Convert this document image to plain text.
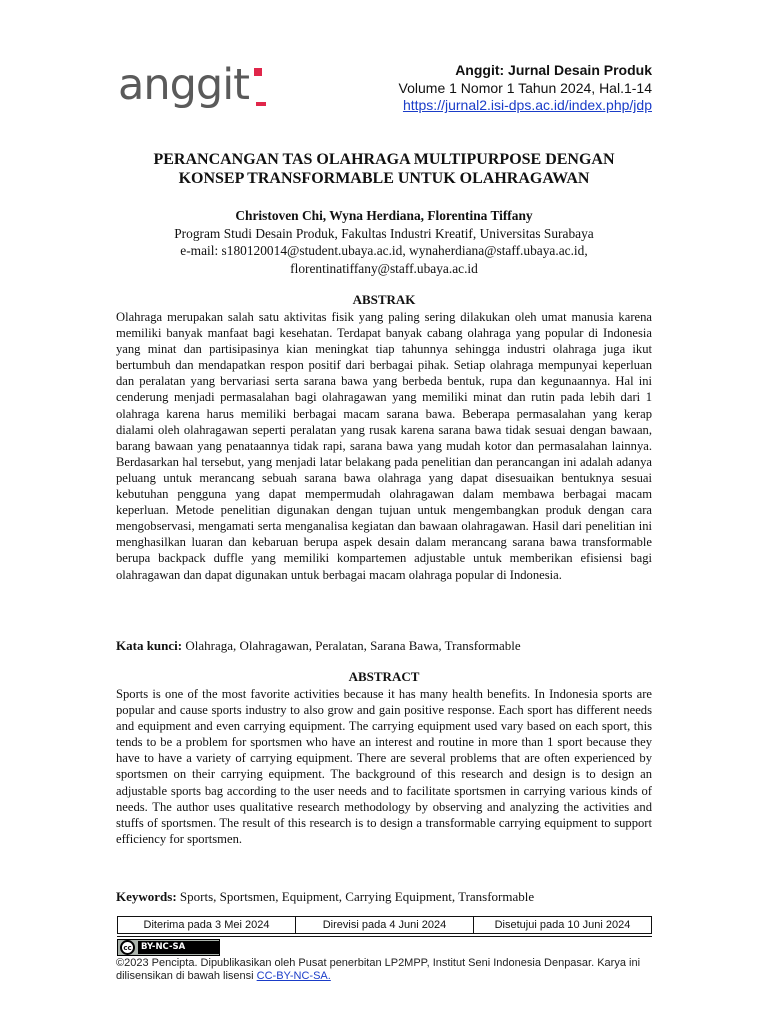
anggit	Anggit: Jurnal Desain Produk
Volume 1 Nomor 1 Tahun 2024, Hal.1-14
https://jurnal2.isi-dps.ac.id/index.php/jdp
PERANCANGAN TAS OLAHRAGA MULTIPURPOSE DENGAN
KONSEP TRANSFORMABLE UNTUK OLAHRAGAWAN
Christoven Chi, Wyna Herdiana, Florentina Tiffany
Program Studi Desain Produk, Fakultas Industri Kreatif, Universitas Surabaya
e-mail: s180120014@student.ubaya.ac.id, wynaherdiana@staff.ubaya.ac.id,
florentinatiffany@staff.ubaya.ac.id
ABSTRAK
Olahraga merupakan salah satu aktivitas fisik yang paling sering dilakukan oleh umat manusia karena memiliki banyak manfaat bagi kesehatan. Terdapat banyak cabang olahraga yang popular di Indonesia yang minat dan partisipasinya kian meningkat tiap tahunnya sehingga industri olahraga juga ikut bertumbuh dan mendapatkan respon positif dari berbagai pihak. Setiap olahraga mempunyai keperluan dan peralatan yang bervariasi serta sarana bawa yang berbeda bentuk, rupa dan kegunaannya. Hal ini cenderung menjadi permasalahan bagi olahragawan yang memiliki minat dan rutin pada lebih dari 1 olahraga karena harus memiliki berbagai macam sarana bawa. Beberapa permasalahan yang kerap dialami oleh olahragawan seperti peralatan yang rusak karena sarana bawa tidak sesuai dengan bawaan, barang bawaan yang penataannya tidak rapi, sarana bawa yang mudah kotor dan permasalahan lainnya. Berdasarkan hal tersebut, yang menjadi latar belakang pada penelitian dan perancangan ini adalah adanya peluang untuk merancang sebuah sarana bawa olahraga yang dapat disesuaikan bentuknya sesuai kebutuhan pengguna yang dapat mempermudah olahragawan dalam membawa berbagai macam keperluan. Metode penelitian digunakan dengan tujuan untuk mengembangkan produk dengan cara mengobservasi, mengamati serta menganalisa kegiatan dan bawaan olahragawan. Hasil dari penelitian ini menghasilkan luaran dan kebaruan berupa aspek desain dalam merancang sarana bawa transformable berupa backpack duffle yang memiliki kompartemen adjustable untuk memberikan efisiensi bagi olahragawan dan dapat digunakan untuk berbagai macam olahraga popular di Indonesia.
Kata kunci: Olahraga, Olahragawan, Peralatan, Sarana Bawa, Transformable
ABSTRACT
Sports is one of the most favorite activities because it has many health benefits. In Indonesia sports are popular and cause sports industry to also grow and gain positive response. Each sport has different needs and equipment and even carrying equipment. The carrying equipment used vary based on each sport, this tends to be a problem for sportsmen who have an interest and routine in more than 1 sport because they have to have a variety of carrying equipment. There are several problems that are often experienced by sportsmen on their carrying equipment. The background of this research and design is to design an adjustable sports bag according to the user needs and to facilitate sportsmen in carrying various kinds of needs. The author uses qualitative research methodology by observing and analyzing the activities and stuffs of sportsmen. The result of this research is to design a transformable carrying equipment to support efficiency for sportsmen.
Keywords: Sports, Sportsmen, Equipment, Carrying Equipment, Transformable
Diterima pada 3 Mei 2024	Direvisi pada 4 Juni 2024	Disetujui pada 10 Juni 2024
cc	BY-NC-SA
©2023 Pencipta. Dipublikasikan oleh Pusat penerbitan LP2MPP, Institut Seni Indonesia Denpasar. Karya ini dilisensikan di bawah lisensi CC-BY-NC-SA.
